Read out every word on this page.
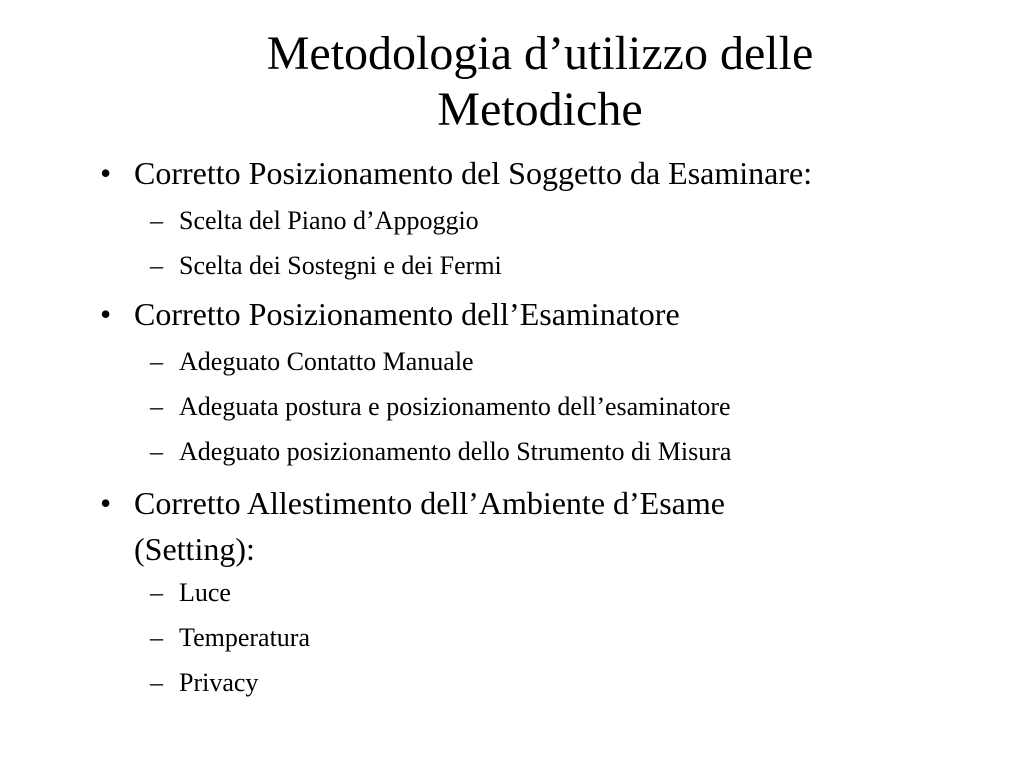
Metodologia d’utilizzo delle
Metodiche
• Corretto Posizionamento del Soggetto da Esaminare:
– Scelta del Piano d’Appoggio
– Scelta dei Sostegni e dei Fermi
• Corretto Posizionamento dell’Esaminatore
– Adeguato Contatto Manuale
– Adeguata postura e posizionamento dell’esaminatore
– Adeguato posizionamento dello Strumento di Misura
• Corretto Allestimento dell’Ambiente d’Esame
(Setting):
– Luce
– Temperatura
– Privacy
